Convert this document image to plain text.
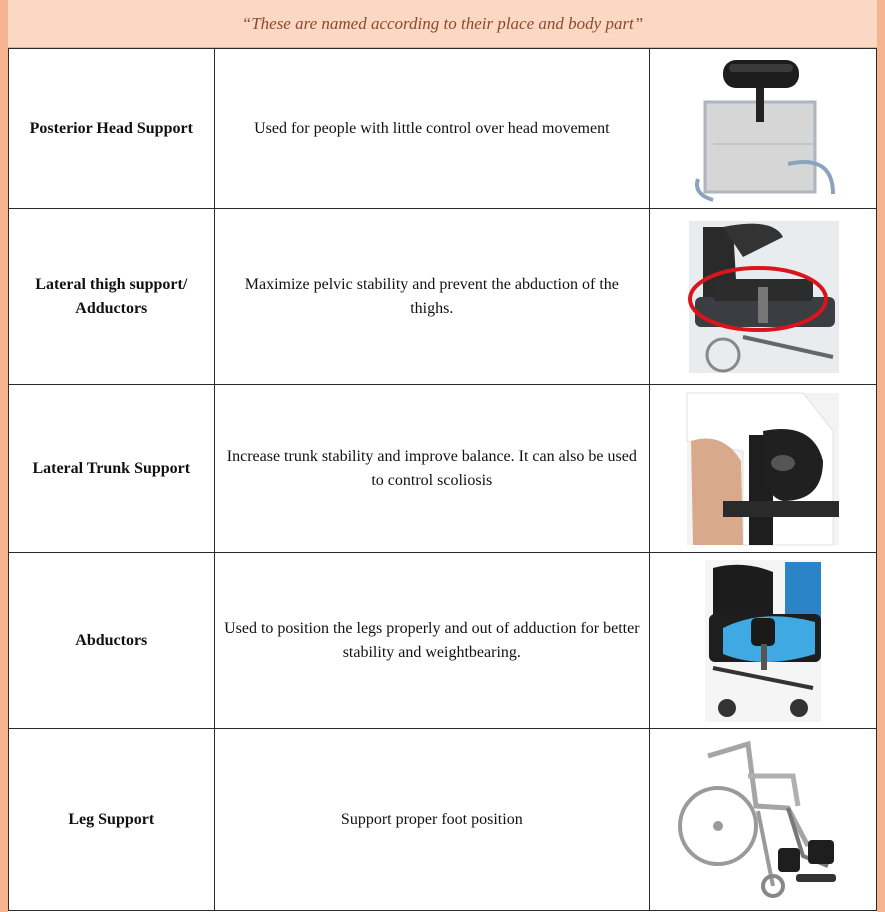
“These are named according to their place and body part”
Posterior Head Support	Used for people with little control over head movement	

Lateral thigh support/ Adductors	Maximize pelvic stability and prevent the abduction of the thighs.	

Lateral Trunk Support	Increase trunk stability and improve balance. It can also be used to control scoliosis	

Abductors	Used to position the legs properly and out of adduction for better stability and weightbearing.	

Leg Support	Support proper foot position	
